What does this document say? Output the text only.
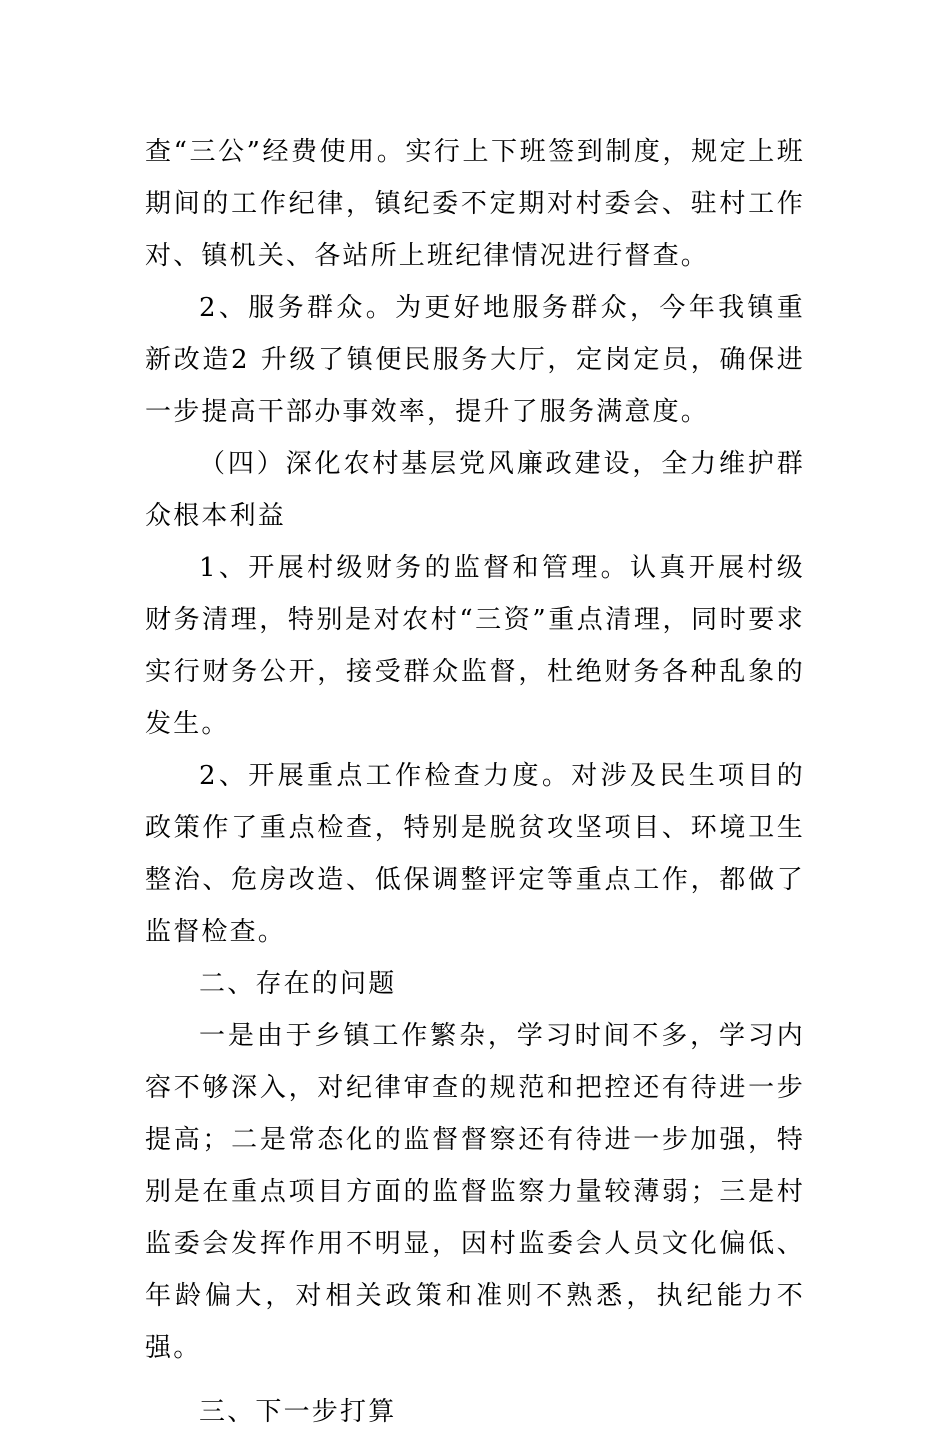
查“三公”经费使用。实行上下班签到制度，规定上班期间的工作纪律，镇纪委不定期对村委会、驻村工作对、镇机关、各站所上班纪律情况进行督查。

2、服务群众。为更好地服务群众，今年我镇重新改造2 升级了镇便民服务大厅，定岗定员，确保进一步提高干部办事效率，提升了服务满意度。

（四）深化农村基层党风廉政建设，全力维护群众根本利益

1、开展村级财务的监督和管理。认真开展村级财务清理，特别是对农村“三资”重点清理，同时要求实行财务公开，接受群众监督，杜绝财务各种乱象的发生。

2、开展重点工作检查力度。对涉及民生项目的政策作了重点检查，特别是脱贫攻坚项目、环境卫生整治、危房改造、低保调整评定等重点工作，都做了监督检查。

二、存在的问题

一是由于乡镇工作繁杂，学习时间不多，学习内容不够深入，对纪律审查的规范和把控还有待进一步提高；二是常态化的监督督察还有待进一步加强，特别是在重点项目方面的监督监察力量较薄弱；三是村监委会发挥作用不明显，因村监委会人员文化偏低、年龄偏大，对相关政策和准则不熟悉，执纪能力不强。

三、下一步打算
